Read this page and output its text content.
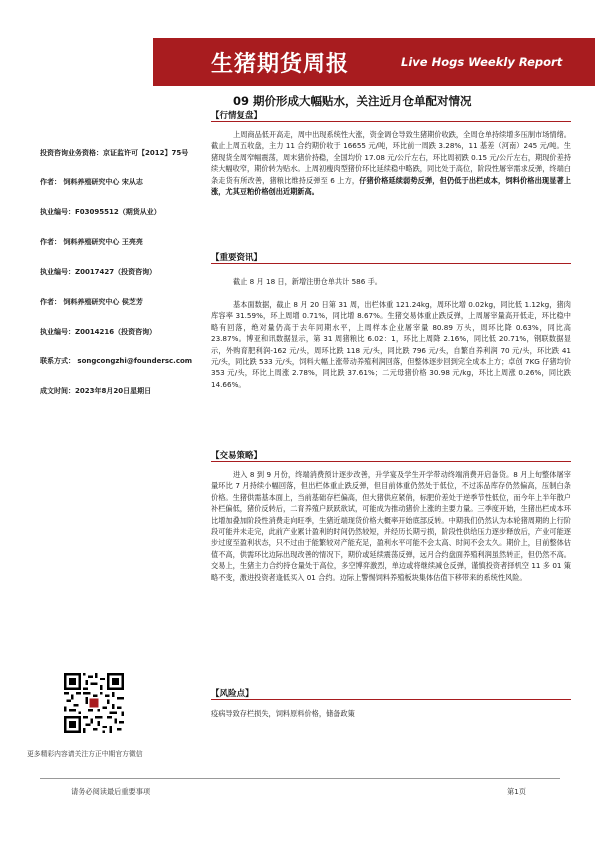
生猪期货周报	Live Hogs Weekly Report
09 期价形成大幅贴水，关注近月仓单配对情况
投资咨询业务资格：京证监许可【2012】75号
作者： 饲料养殖研究中心 宋从志
执业编号：F03095512（期货从业）
作者： 饲料养殖研究中心 王亮亮
执业编号：Z0017427（投资咨询）
作者： 饲料养殖研究中心 侯芝芳
执业编号：Z0014216（投资咨询）
联系方式： songcongzhi@foundersc.com
成文时间：2023年8月20日星期日
【行情复盘】
上周商品低开高走，周中出现系统性大涨，资金调仓导致生猪期价收跌，全周仓单持续增多压制市场情绪。截止上周五收盘，主力 11 合约期价收于 16655 元/吨，环比前一周跌 3.28%，11 基差（河南）245 元/吨。生猪现货全周窄幅震荡，周末猪价持稳，全国均价 17.08 元/公斤左右，环比周初跌 0.15 元/公斤左右，期现价差持续大幅收窄，期价转为贴水。上周初瘦肉型猪价环比延续稳中略跌，同比处于高位，阶段性屠宰需求反弹，终端白条走货有所改善，猪粮比维持反弹至 6 上方，仔猪价格延续弱势反弹，但仍低于出栏成本，饲料价格出现显著上涨，尤其豆粕价格创出近期新高。
【重要资讯】
截止 8 月 18 日，新增注册仓单共计 586 手。
基本面数据，截止 8 月 20 日第 31 周，出栏体重 121.24kg，周环比增 0.02kg，同比低 1.12kg，猪肉库容率 31.59%，环上周增 0.71%，同比增 8.67%。生猪交易体重止跌反弹，上周屠宰量高开低走，环比稳中略有回落，绝对量仍高于去年同期水平，上周样本企业屠宰量 80.89 万头，周环比降 0.63%，同比高 23.87%。博亚和讯数据显示，第 31 周猪粮比 6.02：1，环比上周降 2.16%，同比低 20.71%，钢联数据显示，外购育肥利润-162 元/头，周环比跌 118 元/头，同比跌 796 元/头，自繁自养利润 70 元/头，环比跌 41 元/头，同比跌 533 元/头，饲料大幅上涨带动养殖利润回落，但整体逐步回到完全成本上方；卓创 7KG 仔猪均价 353 元/头，环比上周涨 2.78%，同比跌 37.61%；二元母猪价格 30.98 元/kg，环比上周涨 0.26%，同比跌 14.66%。
【交易策略】
进入 8 到 9 月份，终端消费预计逐步改善，升学宴及学生开学带动终端消费开启备货。8 月上旬整体屠宰量环比 7 月持续小幅回落，但出栏体重止跌反弹，但目前体重仍然处于低位，不过冻品库存仍然偏高，压制白条价格。生猪供需基本面上，当前基础存栏偏高，但大猪供应紧俏，标肥价差处于逆季节性低位，而今年上半年散户补栏偏低，猪价反转后，二育养殖户跃跃欲试，可能成为推动猪价上涨的主要力量。三季度开始，生猪出栏成本环比增加叠加阶段性消费走向旺季，生猪近端现货价格大概率开始底部反转。中期我们仍然认为本轮猪周期的上行阶段可能并未走完，此前产业累计盈利的时间仍然较短，并经历长期亏损，阶段性供给压力逐步释放后，产业可能逐步过度至盈利状态，只不过由于能繁较对产能充足，盈利水平可能不会太高、时间不会太久。期价上，目前整体估值不高，供需环比边际出现改善的情况下，期价或延续震荡反弹，远月合约盘面养殖利润虽然转正，但仍然不高。交易上，生猪主力合约持仓量处于高位，多空博弈激烈，单边或将继续减仓反弹，谨慎投资者择机空 11 多 01 策略不变，激进投资者逢低买入 01 合约。边际上警惕饲料养殖板块集体估值下移带来的系统性风险。
【风险点】
疫病导致存栏损失，饲料原料价格，储备政策
更多精彩内容请关注方正中期官方微信
请务必阅读最后重要事项	第1页
